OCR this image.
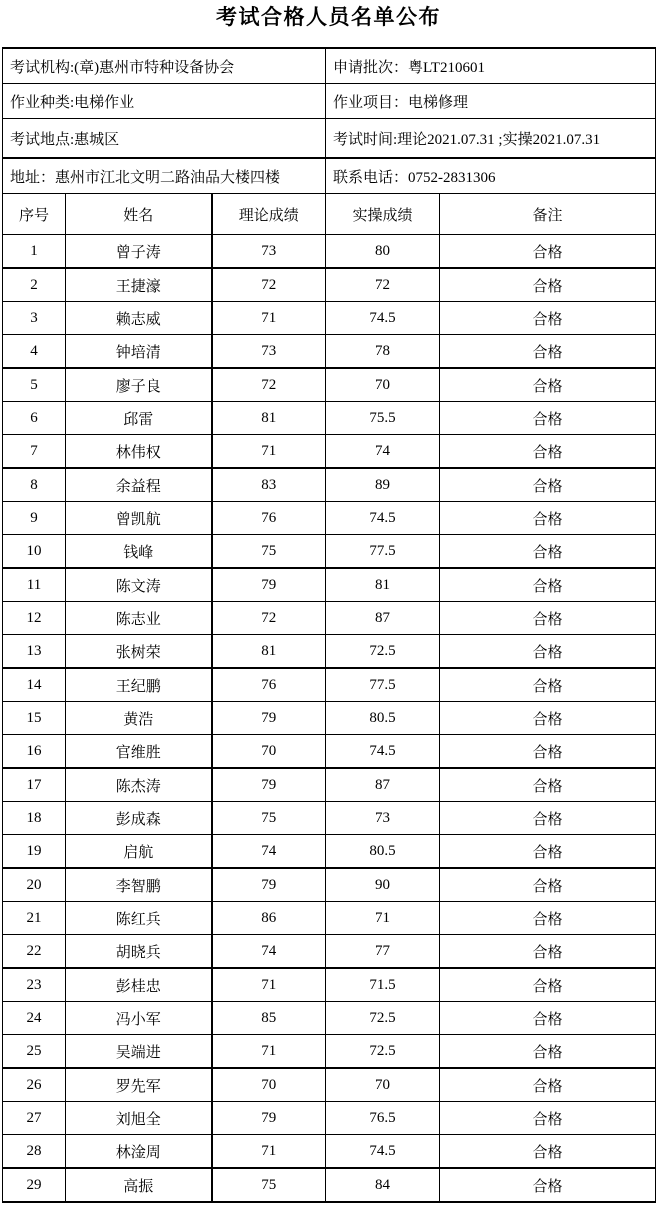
考试合格人员名单公布
考试机构:(章)惠州市特种设备协会			申请批次：粤LT210601	
作业种类:电梯作业			作业项目：电梯修理	
考试地点:惠城区			考试时间:理论2021.07.31 ;实操2021.07.31	
地址：惠州市江北文明二路油品大楼四楼			联系电话：0752-2831306	
序号	姓名	理论成绩	实操成绩	备注
1	曾子涛	73	80	合格
2	王捷濠	72	72	合格
3	赖志威	71	74.5	合格
4	钟培清	73	78	合格
5	廖子良	72	70	合格
6	邱雷	81	75.5	合格
7	林伟权	71	74	合格
8	余益程	83	89	合格
9	曾凯航	76	74.5	合格
10	钱峰	75	77.5	合格
11	陈文涛	79	81	合格
12	陈志业	72	87	合格
13	张树荣	81	72.5	合格
14	王纪鹏	76	77.5	合格
15	黄浩	79	80.5	合格
16	官维胜	70	74.5	合格
17	陈杰涛	79	87	合格
18	彭成森	75	73	合格
19	启航	74	80.5	合格
20	李智鹏	79	90	合格
21	陈红兵	86	71	合格
22	胡晓兵	74	77	合格
23	彭桂忠	71	71.5	合格
24	冯小军	85	72.5	合格
25	吴端进	71	72.5	合格
26	罗先军	70	70	合格
27	刘旭全	79	76.5	合格
28	林淦周	71	74.5	合格
29	高振	75	84	合格
